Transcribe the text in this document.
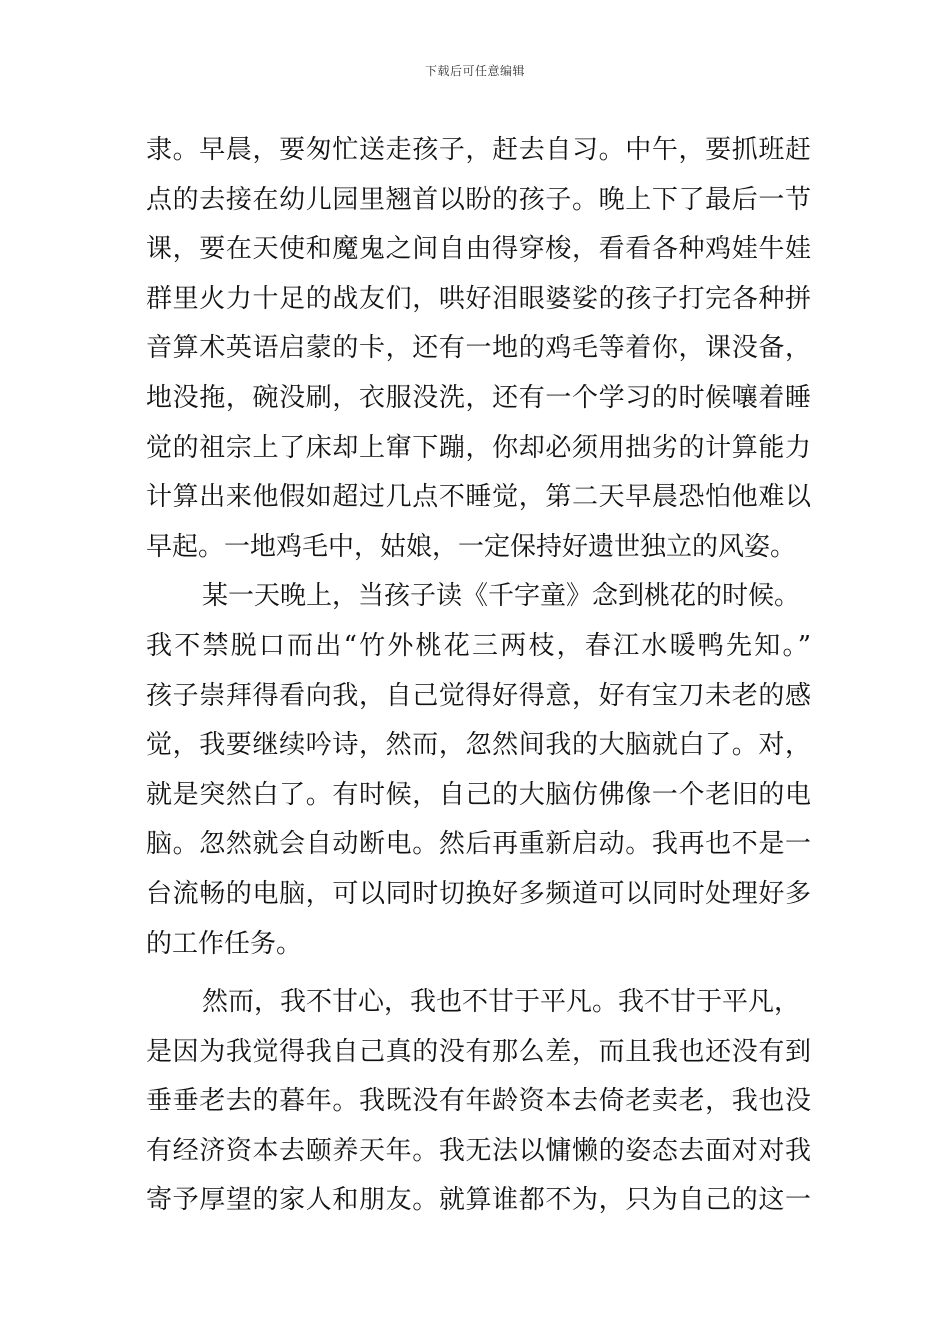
下载后可任意编辑
隶。早晨，要匆忙送走孩子，赶去自习。中午，要抓班赶
点的去接在幼儿园里翘首以盼的孩子。晚上下了最后一节
课，要在天使和魔鬼之间自由得穿梭，看看各种鸡娃牛娃
群里火力十足的战友们，哄好泪眼婆娑的孩子打完各种拼
音算术英语启蒙的卡，还有一地的鸡毛等着你，课没备，
地没拖，碗没刷，衣服没洗，还有一个学习的时候嚷着睡
觉的祖宗上了床却上窜下蹦，你却必须用拙劣的计算能力
计算出来他假如超过几点不睡觉，第二天早晨恐怕他难以
早起。一地鸡毛中，姑娘，一定保持好遗世独立的风姿。
某一天晚上，当孩子读《千字童》念到桃花的时候。
我不禁脱口而出“竹外桃花三两枝，春江水暖鸭先知。”
孩子崇拜得看向我，自己觉得好得意，好有宝刀未老的感
觉，我要继续吟诗，然而，忽然间我的大脑就白了。对，
就是突然白了。有时候，自己的大脑仿佛像一个老旧的电
脑。忽然就会自动断电。然后再重新启动。我再也不是一
台流畅的电脑，可以同时切换好多频道可以同时处理好多
的工作任务。
然而，我不甘心，我也不甘于平凡。我不甘于平凡，
是因为我觉得我自己真的没有那么差，而且我也还没有到
垂垂老去的暮年。我既没有年龄资本去倚老卖老，我也没
有经济资本去颐养天年。我无法以慵懒的姿态去面对对我
寄予厚望的家人和朋友。就算谁都不为，只为自己的这一
